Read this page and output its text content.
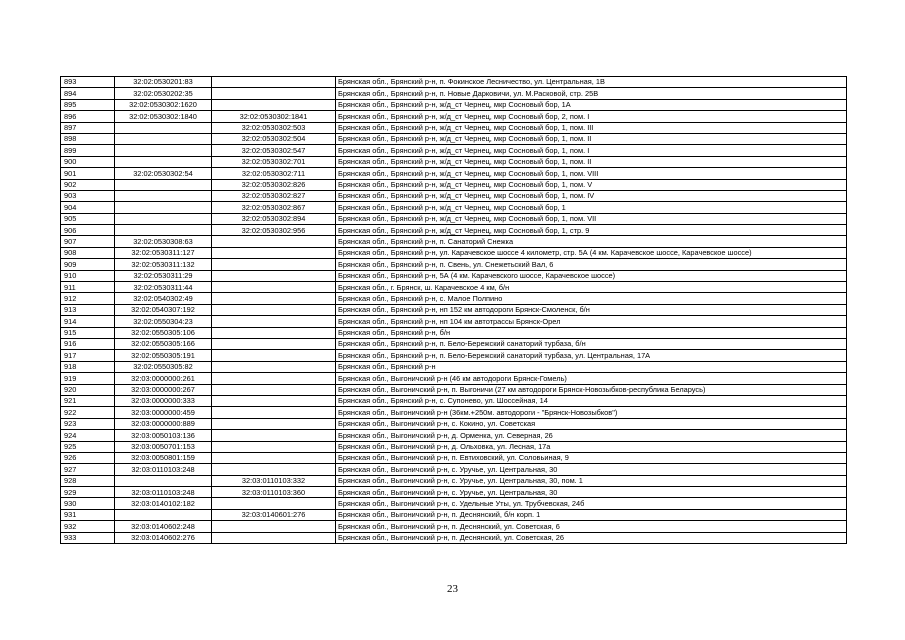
893	32:02:0530201:83		Брянская обл., Брянский р-н, п. Фокинское Лесничество, ул. Центральная, 1В
894	32:02:0530202:35		Брянская обл., Брянский р-н, п. Новые Дарковичи, ул. М.Расковой, стр. 25В
895	32:02:0530302:1620		Брянская обл., Брянский р-н, ж/д_ст Чернец, мкр Сосновый бор, 1А
896	32:02:0530302:1840	32:02:0530302:1841	Брянская обл., Брянский р-н, ж/д_ст Чернец, мкр Сосновый бор, 2, пом. I
897		32:02:0530302:503	Брянская обл., Брянский р-н, ж/д_ст Чернец, мкр Сосновый бор, 1, пом. III
898		32:02:0530302:504	Брянская обл., Брянский р-н, ж/д_ст Чернец, мкр Сосновый бор, 1, пом. II
899		32:02:0530302:547	Брянская обл., Брянский р-н, ж/д_ст Чернец, мкр Сосновый бор, 1, пом. I
900		32:02:0530302:701	Брянская обл., Брянский р-н, ж/д_ст Чернец, мкр Сосновый бор, 1, пом. II
901	32:02:0530302:54	32:02:0530302:711	Брянская обл., Брянский р-н, ж/д_ст Чернец, мкр Сосновый бор, 1, пом. VIII
902		32:02:0530302:826	Брянская обл., Брянский р-н, ж/д_ст Чернец, мкр Сосновый бор, 1, пом. V
903		32:02:0530302:827	Брянская обл., Брянский р-н, ж/д_ст Чернец, мкр Сосновый бор, 1, пом. IV
904		32:02:0530302:867	Брянская обл., Брянский р-н, ж/д_ст Чернец, мкр Сосновый бор, 1
905		32:02:0530302:894	Брянская обл., Брянский р-н, ж/д_ст Чернец, мкр Сосновый бор, 1, пом. VII
906		32:02:0530302:956	Брянская обл., Брянский р-н, ж/д_ст Чернец, мкр Сосновый бор, 1, стр. 9
907	32:02:0530308:63		Брянская обл., Брянский р-н, п. Санаторий Снежка
908	32:02:0530311:127		Брянская обл., Брянский р-н, ул. Карачевское шоссе 4 километр, стр. 5А (4 км. Карачевское шоссе, Карачевское шоссе)
909	32:02:0530311:132		Брянская обл., Брянский р-н, п. Свень, ул. Снежетьский Вал, 6
910	32:02:0530311:29		Брянская обл., Брянский р-н, 5А (4 км. Карачевского шоссе, Карачевское шоссе)
911	32:02:0530311:44		Брянская обл., г. Брянск, ш. Карачевское 4 км, б/н
912	32:02:0540302:49		Брянская обл., Брянский р-н, с. Малое Полпино
913	32:02:0540307:192		Брянская обл., Брянский р-н, нп 152 км автодороги Брянск-Смоленск, б/н
914	32:02:0550304:23		Брянская обл., Брянский р-н, нп 104 км автотрассы Брянск-Орел
915	32:02:0550305:106		Брянская обл., Брянский р-н, б/н
916	32:02:0550305:166		Брянская обл., Брянский р-н, п. Бело-Бережский санаторий турбаза, б/н
917	32:02:0550305:191		Брянская обл., Брянский р-н, п. Бело-Бережский санаторий турбаза, ул. Центральная, 17А
918	32:02:0550305:82		Брянская обл., Брянский р-н
919	32:03:0000000:261		Брянская обл., Выгоничский р-н (46 км автодороги Брянск-Гомель)
920	32:03:0000000:267		Брянская обл., Выгоничский р-н, п. Выгоничи (27 км автодороги Брянск-Новозыбков-республика Беларусь)
921	32:03:0000000:333		Брянская обл., Брянский р-н, с. Супонево, ул. Шоссейная, 14
922	32:03:0000000:459		Брянская обл., Выгоничский р-н (36км.+250м. автодороги - "Брянск-Новозыбков")
923	32:03:0000000:889		Брянская обл., Выгоничский р-н, с. Кокино, ул. Советская
924	32:03:0050103:136		Брянская обл., Выгоничский р-н, д. Орменка, ул. Северная, 26
925	32:03:0050701:153		Брянская обл., Выгоничский р-н, д. Ольховка, ул. Лесная, 17а
926	32:03:0050801:159		Брянская обл., Выгоничский р-н, п. Евтиховский, ул. Соловьиная, 9
927	32:03:0110103:248		Брянская обл., Выгоничский р-н, с. Уручье, ул. Центральная, 30
928		32:03:0110103:332	Брянская обл., Выгоничский р-н, с. Уручье, ул. Центральная, 30, пом. 1
929	32:03:0110103:248	32:03:0110103:360	Брянская обл., Выгоничский р-н, с. Уручье, ул. Центральная, 30
930	32:03:0140102:182		Брянская обл., Выгоничский р-н, с. Удельные Уты, ул. Трубчевская, 24б
931		32:03:0140601:276	Брянская обл., Выгоничский р-н, п. Деснянский, б/н корп. 1
932	32:03:0140602:248		Брянская обл., Выгоничский р-н, п. Деснянский, ул. Советская, 6
933	32:03:0140602:276		Брянская обл., Выгоничский р-н, п. Деснянский, ул. Советская, 26
23
